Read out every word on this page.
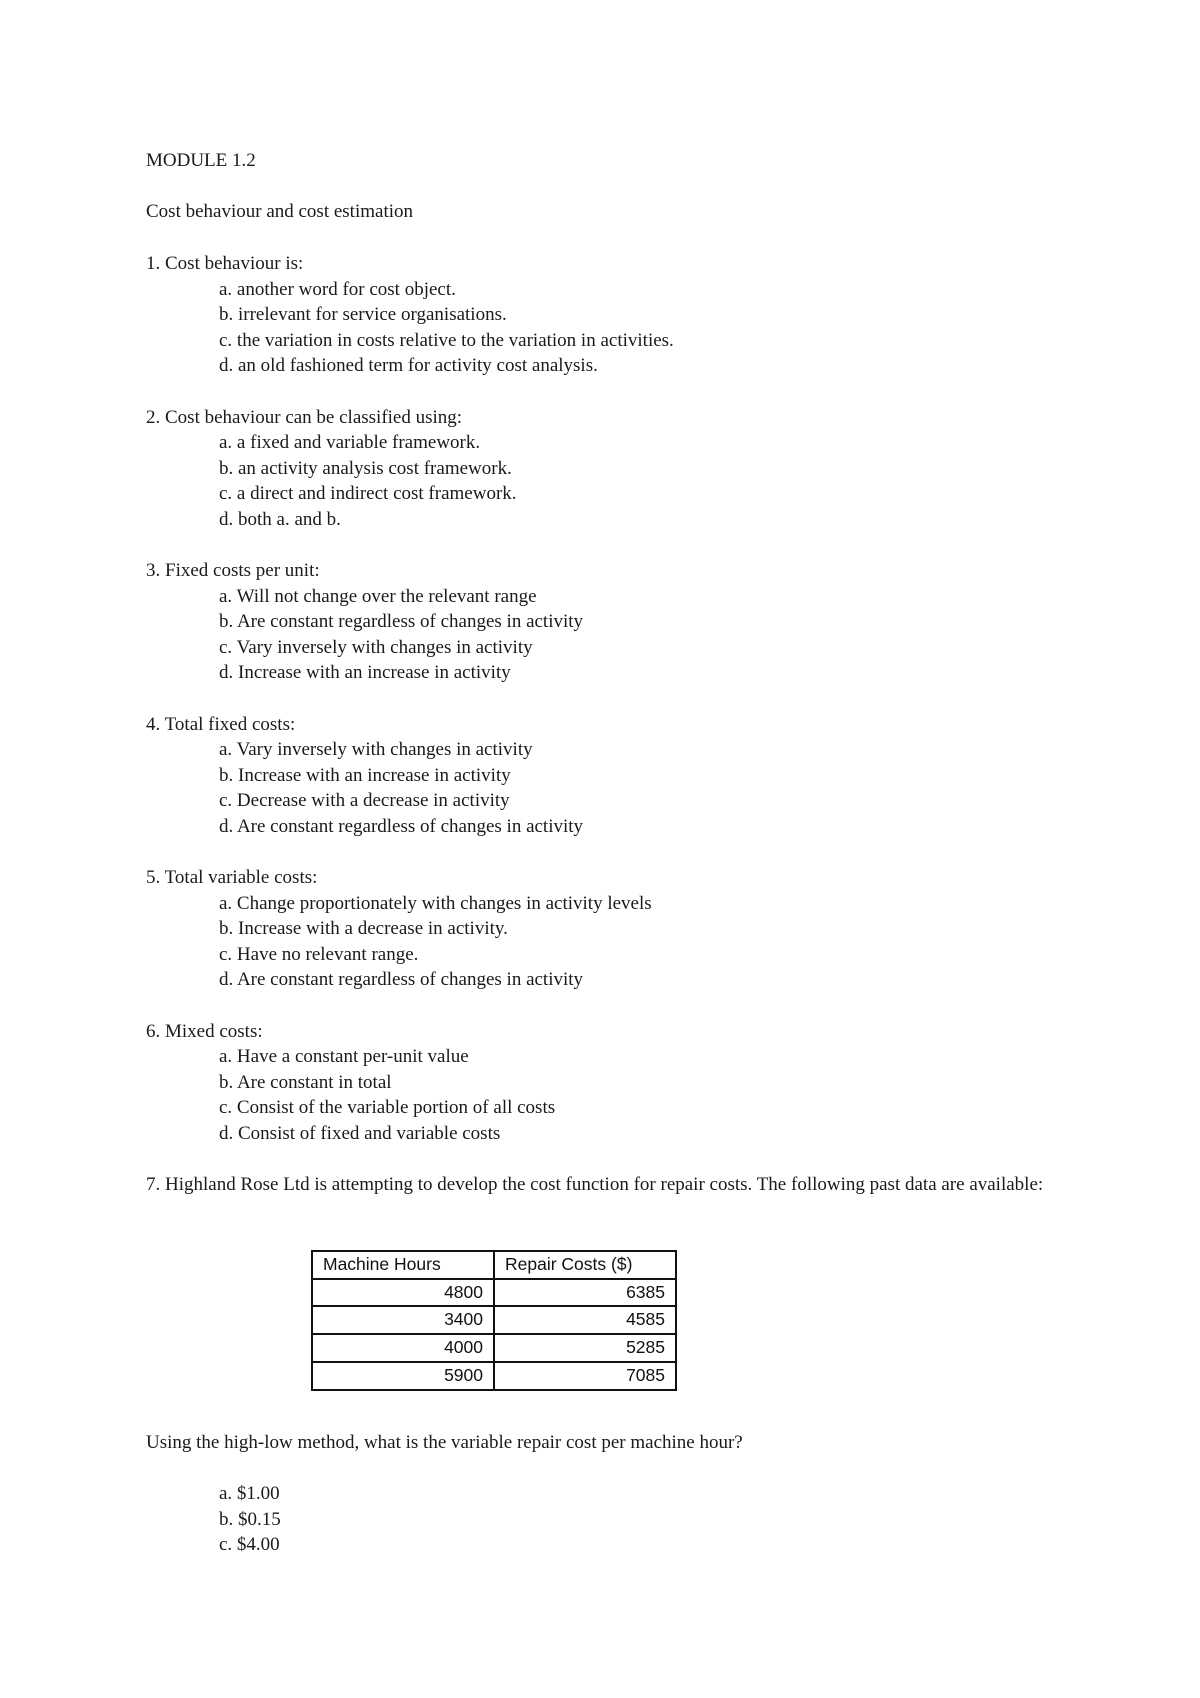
MODULE 1.2
Cost behaviour and cost estimation
1. Cost behaviour is:
a. another word for cost object.
b. irrelevant for service organisations.
c. the variation in costs relative to the variation in activities.
d. an old fashioned term for activity cost analysis.
2. Cost behaviour can be classified using:
a. a fixed and variable framework.
b. an activity analysis cost framework.
c. a direct and indirect cost framework.
d. both a. and b.
3. Fixed costs per unit:
a. Will not change over the relevant range
b. Are constant regardless of changes in activity
c. Vary inversely with changes in activity
d. Increase with an increase in activity
4. Total fixed costs:
a. Vary inversely with changes in activity
b. Increase with an increase in activity
c. Decrease with a decrease in activity
d. Are constant regardless of changes in activity
5. Total variable costs:
a. Change proportionately with changes in activity levels
b. Increase with a decrease in activity.
c. Have no relevant range.
d. Are constant regardless of changes in activity
6. Mixed costs:
a. Have a constant per-unit value
b. Are constant in total
c. Consist of the variable portion of all costs
d. Consist of fixed and variable costs
7. Highland Rose Ltd is attempting to develop the cost function for repair costs. The following past data are available:
Machine Hours	Repair Costs ($)
4800	6385
3400	4585
4000	5285
5900	7085
Using the high-low method, what is the variable repair cost per machine hour?
a. $1.00
b. $0.15
c. $4.00
